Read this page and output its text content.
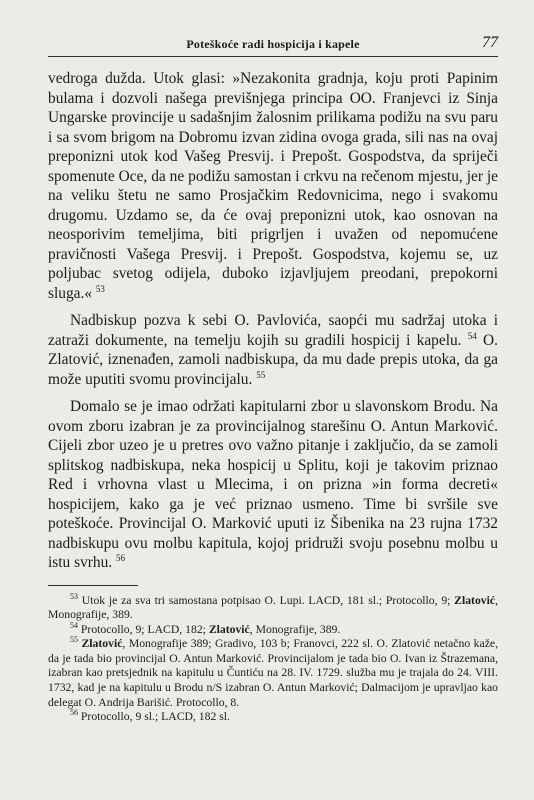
Poteškoće radi hospicija i kapele	77

vedroga dužda. Utok glasi: »Nezakonita gradnja, koju proti Papinim bulama i dozvoli našega previšnjega principa OO. Franjevci iz Sinja Ungarske provincije u sadašnjim žalosnim prilikama podižu na svu paru i sa svom brigom na Dobromu izvan zidina ovoga grada, sili nas na ovaj preponizni utok kod Vašeg Presvij. i Prepošt. Gospodstva, da spriječi spomenute Oce, da ne podižu samostan i crkvu na rečenom mjestu, jer je na veliku štetu ne samo Prosjačkim Redovnicima, nego i svakomu drugomu. Uzdamo se, da će ovaj preponizni utok, kao osnovan na neosporivim temeljima, biti prigrljen i uvažen od nepomućene pravičnosti Vašega Presvij. i Prepošt. Gospodstva, kojemu se, uz poljubac svetog odijela, duboko izjavljujem preodani, prepokorni sluga.« $^{53}$

Nadbiskup pozva k sebi O. Pavlovića, saopći mu sadržaj utoka i zatraži dokumente, na temelju kojih su gradili hospicij i kapelu. $^{54}$ O. Zlatović, iznenađen, zamoli nadbiskupa, da mu dade prepis utoka, da ga može uputiti svomu provincijalu. $^{55}$

Domalo se je imao održati kapitularni zbor u slavonskom Brodu. Na ovom zboru izabran je za provincijalnog starešinu O. Antun Marković. Cijeli zbor uzeo je u pretres ovo važno pitanje i zaključio, da se zamoli splitskog nadbiskupa, neka hospicij u Splitu, koji je takovim priznao Red i vrhovna vlast u Mlecima, i on prizna »in forma decreti« hospicijem, kako ga je već priznao usmeno. Time bi svršile sve poteškoće. Provincijal O. Marković uputi iz Šibenika na 23 rujna 1732 nadbiskupu ovu molbu kapitula, kojoj pridruži svoju posebnu molbu u istu svrhu. $^{56}$

$^{53}$ Utok je za sva tri samostana potpisao O. Lupi. LACD, 181 sl.; Protocollo, 9; Zlatović, Monografije, 389.

$^{54}$ Protocollo, 9; LACD, 182; Zlatović, Monografije, 389.

$^{55}$ Zlatović, Monografije 389; Gradivo, 103 b; Franovci, 222 sl. O. Zlatović netačno kaže, da je tada bio provincijal O. Antun Marković. Provincijalom je tada bio O. Ivan iz Štrazemana, izabran kao pretsjednik na kapitulu u Čuntiću na 28. IV. 1729. služba mu je trajala do 24. VIII. 1732, kad je na kapitulu u Brodu n/S izabran O. Antun Marković; Dalmacijom je upravljao kao delegat O. Andrija Barišić. Protocollo, 8.

$^{56}$ Protocollo, 9 sl.; LACD, 182 sl.
